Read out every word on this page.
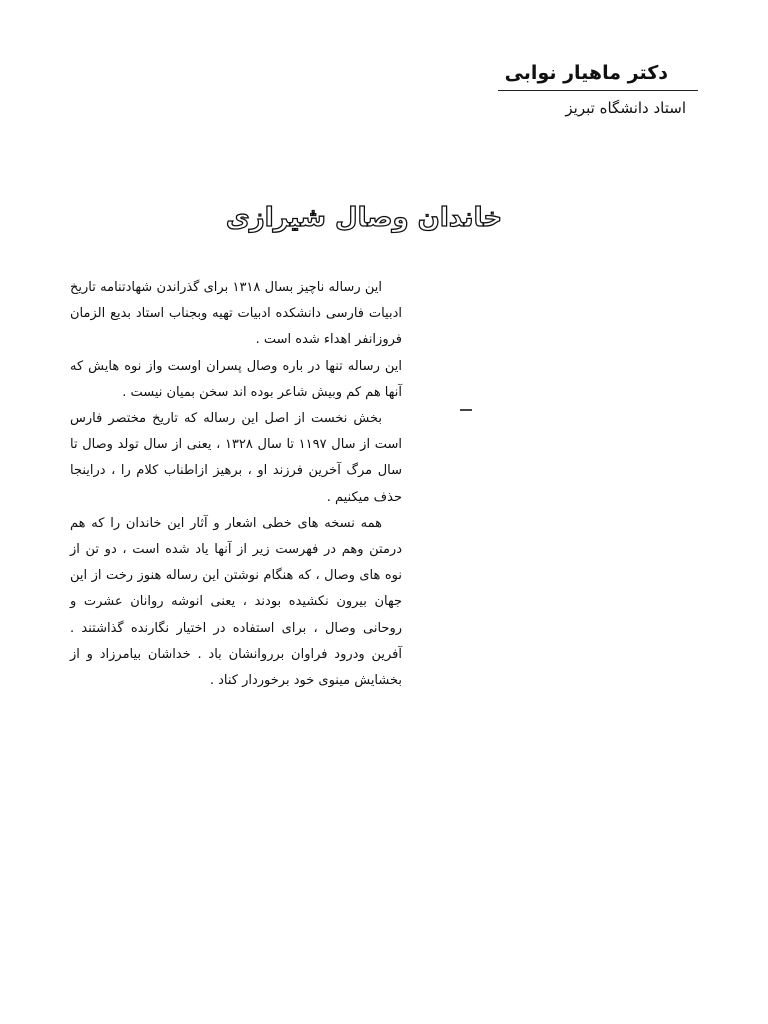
دکتر ماهیار نوابی
استاد دانشگاه تبریز
خاندان وصال شیرازی

این رساله ناچیز بسال ۱۳۱۸ برای گذراندن شهادتنامه تاریخ ادبیات فارسی دانشکده ادبیات تهیه وبجناب استاد بدیع الزمان فروزانفر اهداء شده است .

این رساله تنها در باره وصال پسران اوست واز نوه هایش که آنها هم کم وبیش شاعر بوده اند سخن بمیان نیست .

بخش نخست از اصل این رساله که تاریخ مختصر فارس است از سال ۱۱۹۷ تا سال ۱۳۲۸ ، یعنی از سال تولد وصال تا سال مرگ آخرین فرزند او ، برهیز ازاطناب کلام را ، دراینجا حذف میکنیم .

همه نسخه های خطی اشعار و آثار این خاندان را که هم درمتن وهم در فهرست زیر از آنها یاد شده است ، دو تن از نوه های وصال ، که هنگام نوشتن این رساله هنوز رخت از این جهان بیرون نکشیده بودند ، یعنی انوشه روانان عشرت و روحانی وصال ، برای استفاده در اختیار نگارنده گذاشتند . آفرین ودرود فراوان برروانشان باد . خداشان بیامرزاد و از بخشایش مینوی خود برخوردار کناد .
